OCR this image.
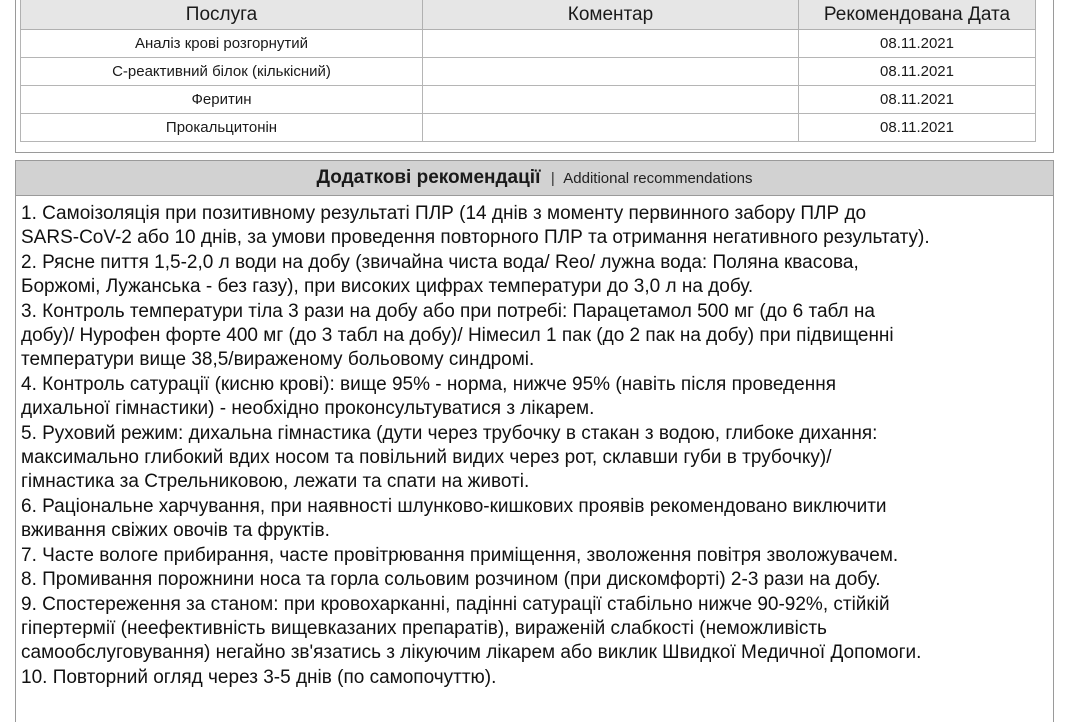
Послуга	Коментар	Рекомендована Дата
Аналіз крові розгорнутий		08.11.2021
С-реактивний білок (кількісний)		08.11.2021
Феритин		08.11.2021
Прокальцитонін		08.11.2021
Додаткові рекомендації | Additional recommendations
1. Самоізоляція при позитивному результаті ПЛР (14 днів з моменту первинного забору ПЛР до
SARS-CoV-2 або 10 днів, за умови проведення повторного ПЛР та отримання негативного результату).
2. Рясне пиття 1,5-2,0 л води на добу (звичайна чиста вода/ Reo/ лужна вода: Поляна квасова,
Боржомі, Лужанська - без газу), при високих цифрах температури до 3,0 л на добу.
3. Контроль температури тіла 3 рази на добу або при потребі: Парацетамол 500 мг (до 6 табл на
добу)/ Нурофен форте 400 мг (до 3 табл на добу)/ Німесил 1 пак (до 2 пак на добу) при підвищенні
температури вище 38,5/вираженому больовому синдромі.
4. Контроль сатурації (кисню крові): вище 95% - норма, нижче 95% (навіть після проведення
дихальної гімнастики) - необхідно проконсультуватися з лікарем.
5. Руховий режим: дихальна гімнастика (дути через трубочку в стакан з водою, глибоке дихання:
максимально глибокий вдих носом та повільний видих через рот, склавши губи в трубочку)/
гімнастика за Стрельниковою, лежати та спати на животі.
6. Раціональне харчування, при наявності шлунково-кишкових проявів рекомендовано виключити
вживання свіжих овочів та фруктів.
7. Часте вологе прибирання, часте провітрювання приміщення, зволоження повітря зволожувачем.
8. Промивання порожнини носа та горла сольовим розчином (при дискомфорті) 2-3 рази на добу.
9. Спостереження за станом: при кровохарканні, падінні сатурації стабільно нижче 90-92%, стійкій
гіпертермії (неефективність вищевказаних препаратів), вираженій слабкості (неможливість
самообслуговування) негайно зв'язатись з лікуючим лікарем або виклик Швидкої Медичної Допомоги.
10. Повторний огляд через 3-5 днів (по самопочуттю).
